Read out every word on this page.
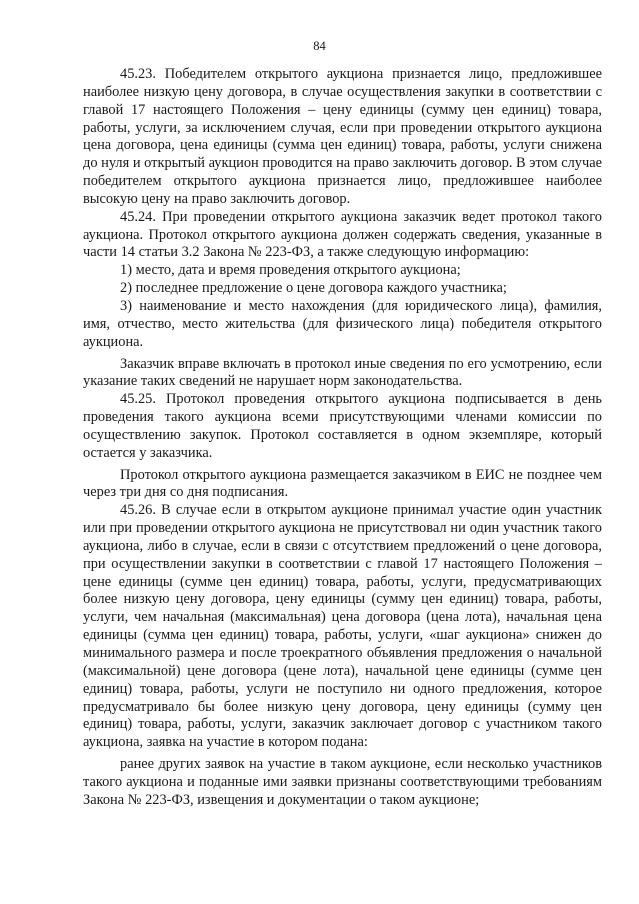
84

45.23. Победителем открытого аукциона признается лицо, предложившее наиболее низкую цену договора, в случае осуществления закупки в соответствии с главой 17 настоящего Положения – цену единицы (сумму цен единиц) товара, работы, услуги, за исключением случая, если при проведении открытого аукциона цена договора, цена единицы (сумма цен единиц) товара, работы, услуги снижена до нуля и открытый аукцион проводится на право заключить договор. В этом случае победителем открытого аукциона признается лицо, предложившее наиболее высокую цену на право заключить договор.

45.24. При проведении открытого аукциона заказчик ведет протокол такого аукциона. Протокол открытого аукциона должен содержать сведения, указанные в части 14 статьи 3.2 Закона № 223-ФЗ, а также следующую информацию:

1) место, дата и время проведения открытого аукциона;

2) последнее предложение о цене договора каждого участника;

3) наименование и место нахождения (для юридического лица), фамилия, имя, отчество, место жительства (для физического лица) победителя открытого аукциона.

Заказчик вправе включать в протокол иные сведения по его усмотрению, если указание таких сведений не нарушает норм законодательства.

45.25. Протокол проведения открытого аукциона подписывается в день проведения такого аукциона всеми присутствующими членами комиссии по осуществлению закупок. Протокол составляется в одном экземпляре, который остается у заказчика.

Протокол открытого аукциона размещается заказчиком в ЕИС не позднее чем через три дня со дня подписания.

45.26. В случае если в открытом аукционе принимал участие один участник или при проведении открытого аукциона не присутствовал ни один участник такого аукциона, либо в случае, если в связи с отсутствием предложений о цене договора, при осуществлении закупки в соответствии с главой 17 настоящего Положения – цене единицы (сумме цен единиц) товара, работы, услуги, предусматривающих более низкую цену договора, цену единицы (сумму цен единиц) товара, работы, услуги, чем начальная (максимальная) цена договора (цена лота), начальная цена единицы (сумма цен единиц) товара, работы, услуги, «шаг аукциона» снижен до минимального размера и после троекратного объявления предложения о начальной (максимальной) цене договора (цене лота), начальной цене единицы (сумме цен единиц) товара, работы, услуги не поступило ни одного предложения, которое предусматривало бы более низкую цену договора, цену единицы (сумму цен единиц) товара, работы, услуги, заказчик заключает договор с участником такого аукциона, заявка на участие в котором подана:

ранее других заявок на участие в таком аукционе, если несколько участников такого аукциона и поданные ими заявки признаны соответствующими требованиям Закона № 223-ФЗ, извещения и документации о таком аукционе;
